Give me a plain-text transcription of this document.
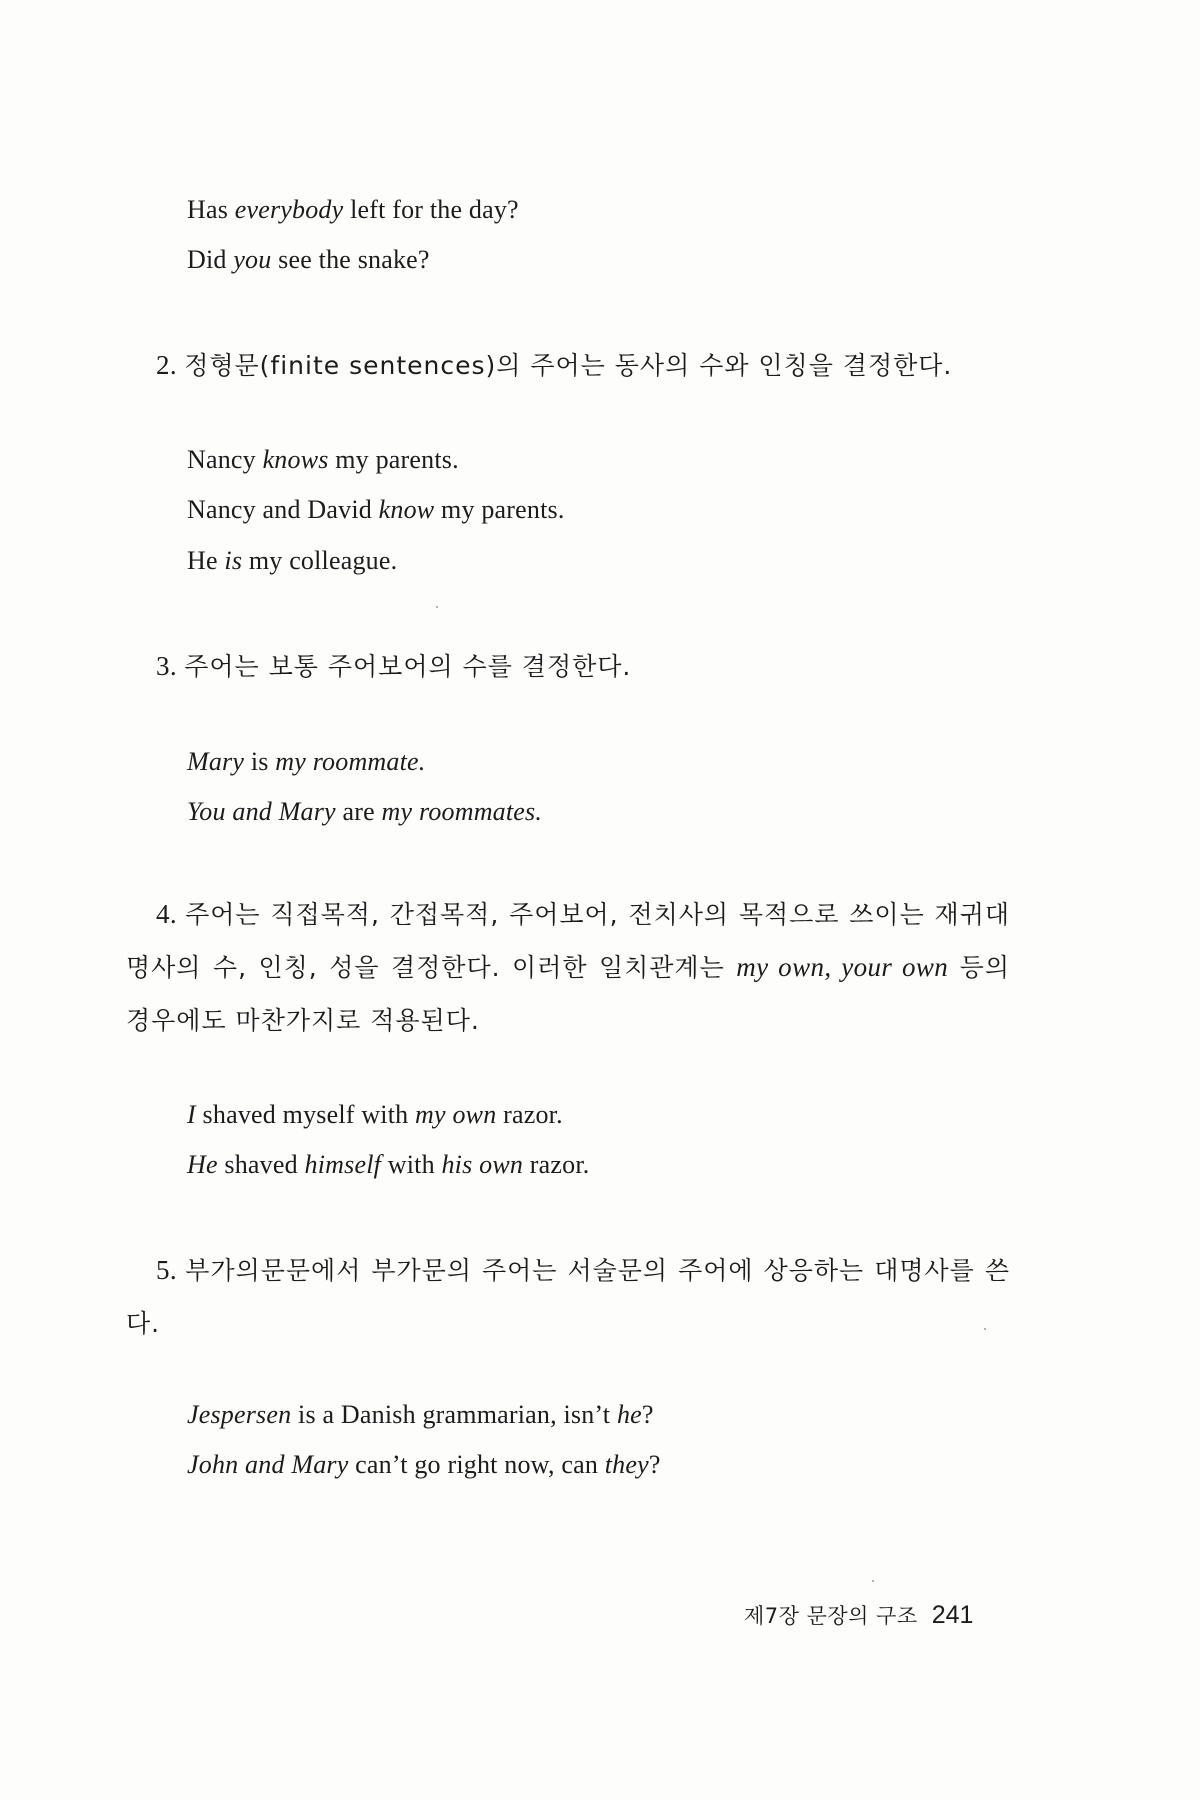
Has everybody left for the day?
Did you see the snake?
2. 정형문(finite sentences)의 주어는 동사의 수와 인칭을 결정한다.
Nancy knows my parents.
Nancy and David know my parents.
He is my colleague.
3. 주어는 보통 주어보어의 수를 결정한다.
Mary is my roommate.
You and Mary are my roommates.
4. 주어는 직접목적, 간접목적, 주어보어, 전치사의 목적으로 쓰이는 재귀대명사의 수, 인칭, 성을 결정한다. 이러한 일치관계는 my own, your own 등의 경우에도 마찬가지로 적용된다.
I shaved myself with my own razor.
He shaved himself with his own razor.
5. 부가의문문에서 부가문의 주어는 서술문의 주어에 상응하는 대명사를 쓴다.
Jespersen is a Danish grammarian, isn’t he?
John and Mary can’t go right now, can they?
제7장 문장의 구조 241
